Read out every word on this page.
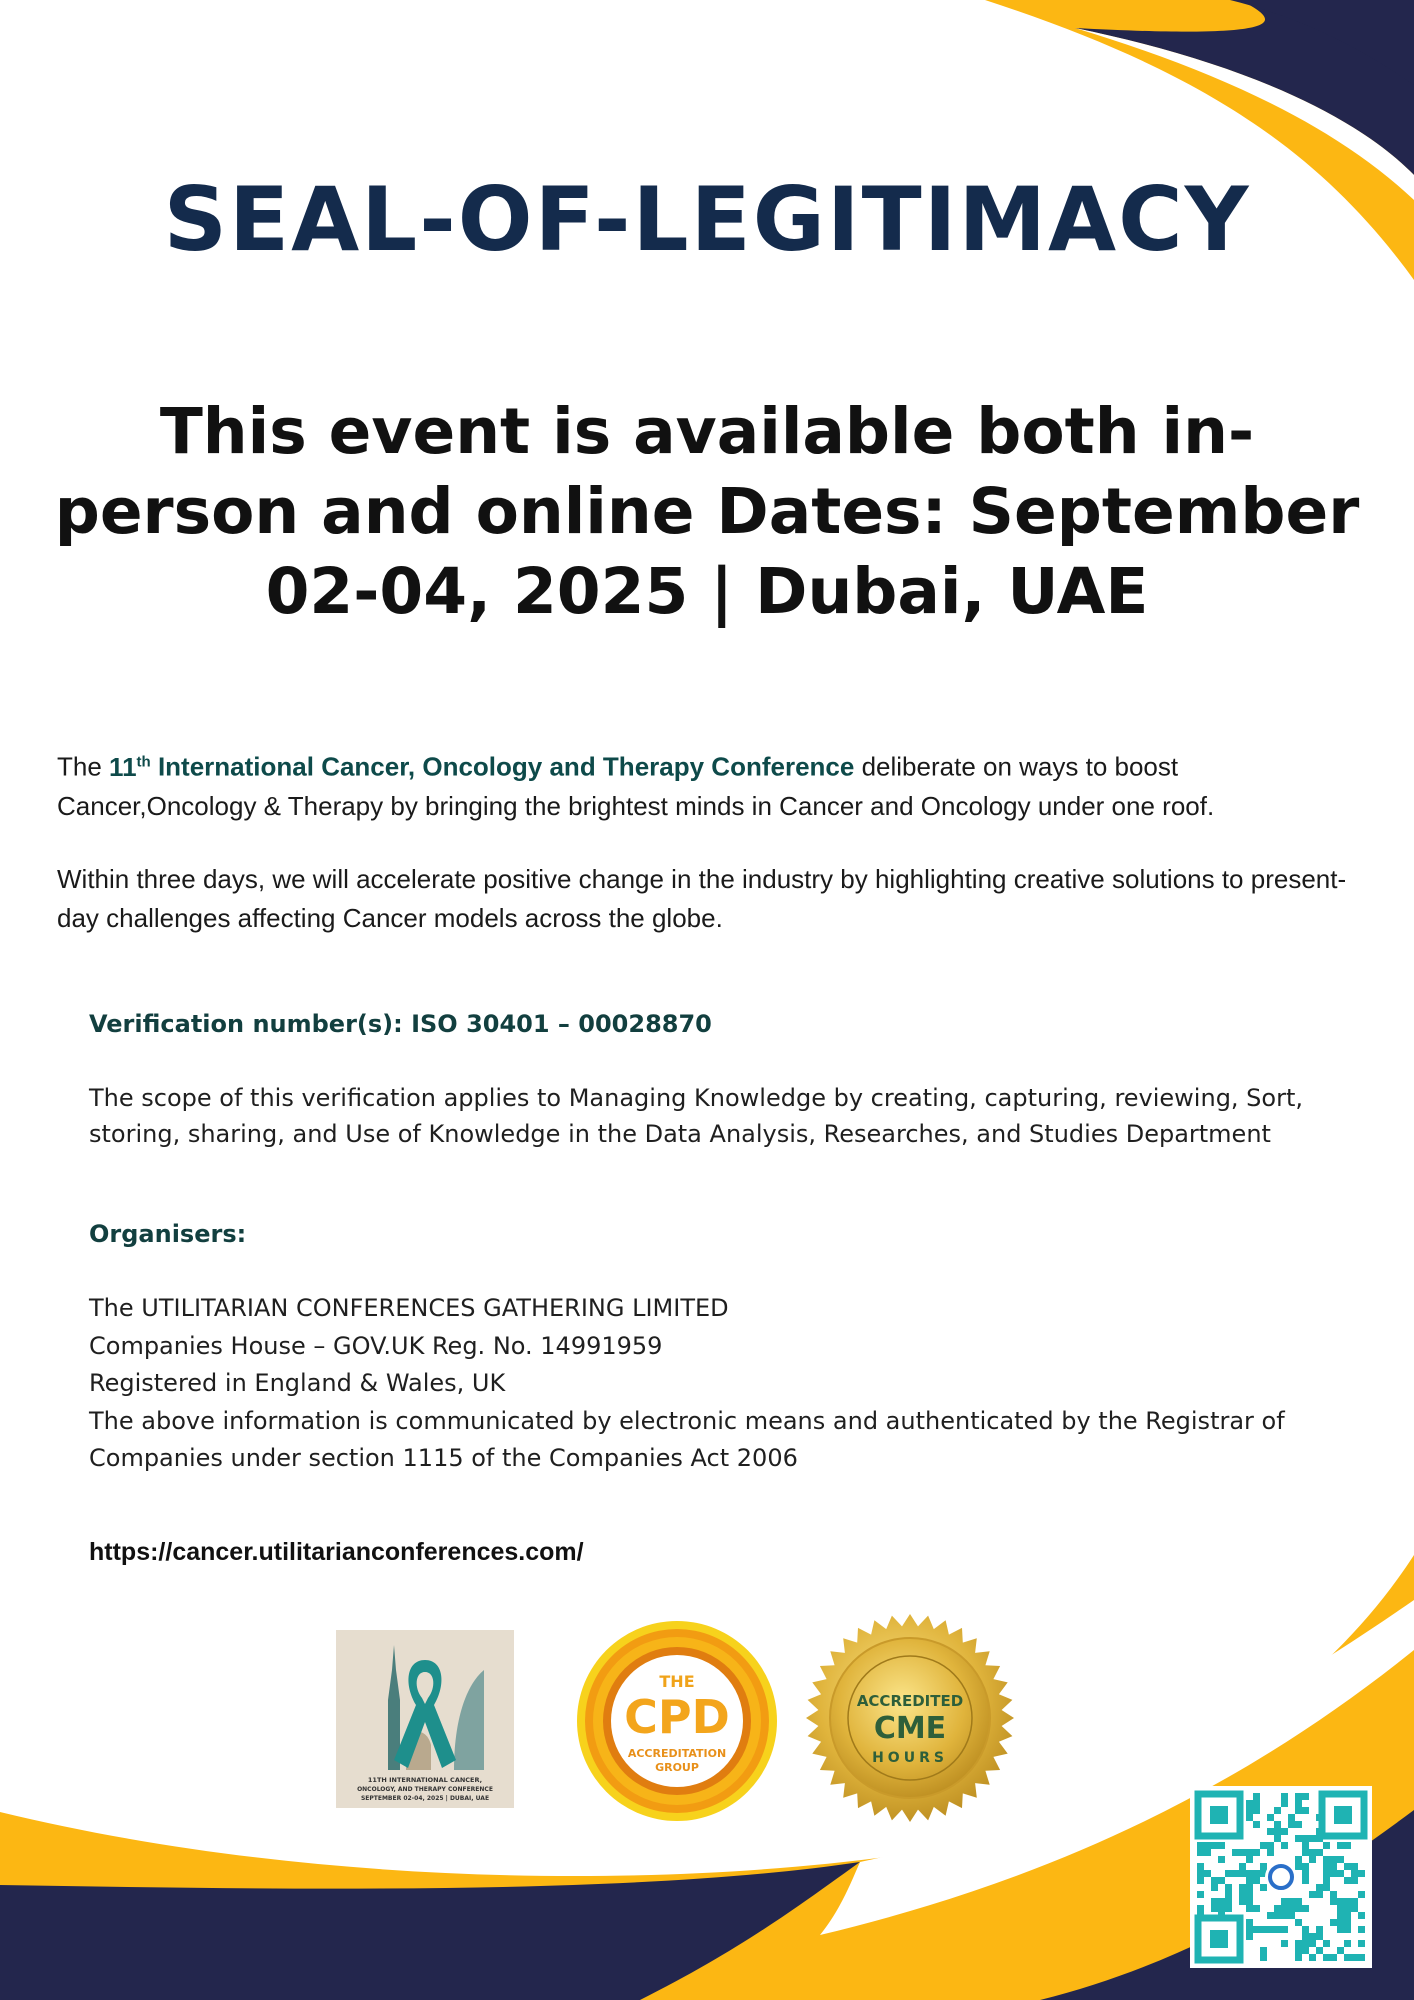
SEAL-OF-LEGITIMACY
This event is available both in-person and online Dates: September 02-04, 2025 | Dubai, UAE

The 11th International Cancer, Oncology and Therapy Conference deliberate on ways to boost Cancer,Oncology & Therapy by bringing the brightest minds in Cancer and Oncology under one roof.

Within three days, we will accelerate positive change in the industry by highlighting creative solutions to present-day challenges affecting Cancer models across the globe.

Verification number(s): ISO 30401 – 00028870

The scope of this verification applies to Managing Knowledge by creating, capturing, reviewing, Sort, storing, sharing, and Use of Knowledge in the Data Analysis, Researches, and Studies Department

Organisers:

The UTILITARIAN CONFERENCES GATHERING LIMITED
Companies House – GOV.UK Reg. No. 14991959
Registered in England & Wales, UK
The above information is communicated by electronic means and authenticated by the Registrar of Companies under section 1115 of the Companies Act 2006
https://cancer.utilitarianconferences.com/
11TH INTERNATIONAL CANCER,
ONCOLOGY, AND THERAPY CONFERENCE
SEPTEMBER 02-04, 2025 | DUBAI, UAE
THE
CPD
ACCREDITATION
GROUP
ACCREDITED
CME
HOURS
